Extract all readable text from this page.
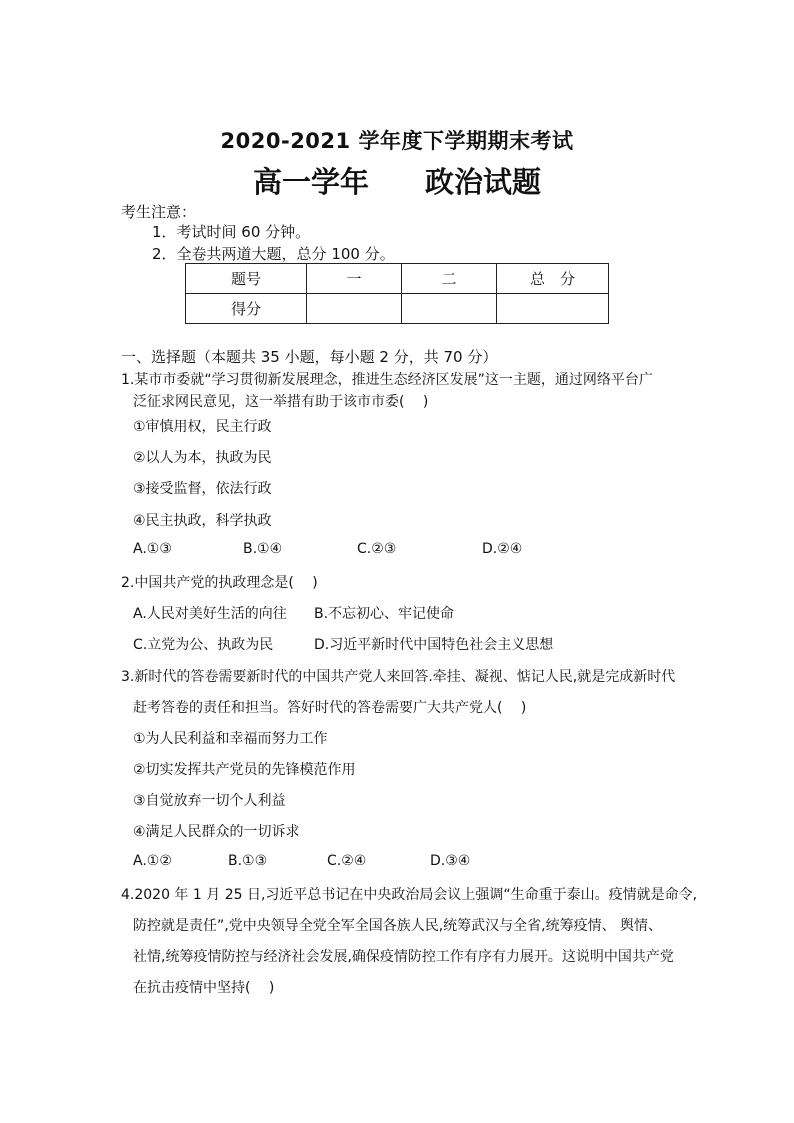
2020-2021 学年度下学期期末考试
高一学年 政治试题
考生注意：
1．考试时间 60 分钟。
2．全卷共两道大题，总分 100 分。
题号	一	二	总　分
得分			
一、选择题（本题共 35 小题，每小题 2 分，共 70 分）
1.某市市委就“学习贯彻新发展理念，推进生态经济区发展”这一主题，通过网络平台广
泛征求网民意见，这一举措有助于该市市委(　 )
①审慎用权，民主行政
②以人为本，执政为民
③接受监督，依法行政
④民主执政，科学执政
A.①③	B.①④	C.②③	D.②④
2.中国共产党的执政理念是(　 )
A.人民对美好生活的向往 B.不忘初心、牢记使命
C.立党为公、执政为民	D.习近平新时代中国特色社会主义思想
3.新时代的答卷需要新时代的中国共产党人来回答.牵挂、凝视、惦记人民,就是完成新时代
赶考答卷的责任和担当。答好时代的答卷需要广大共产党人(　 )
①为人民利益和幸福而努力工作
②切实发挥共产党员的先锋模范作用
③自觉放弃一切个人利益
④满足人民群众的一切诉求
A.①②	B.①③	C.②④	D.③④
4.2020 年 1 月 25 日,习近平总书记在中央政治局会议上强调“生命重于泰山。疫情就是命令,
防控就是责任”,党中央领导全党全军全国各族人民,统筹武汉与全省,统筹疫情、 舆情、
社情,统筹疫情防控与经济社会发展,确保疫情防控工作有序有力展开。这说明中国共产党
在抗击疫情中坚持(　 )
